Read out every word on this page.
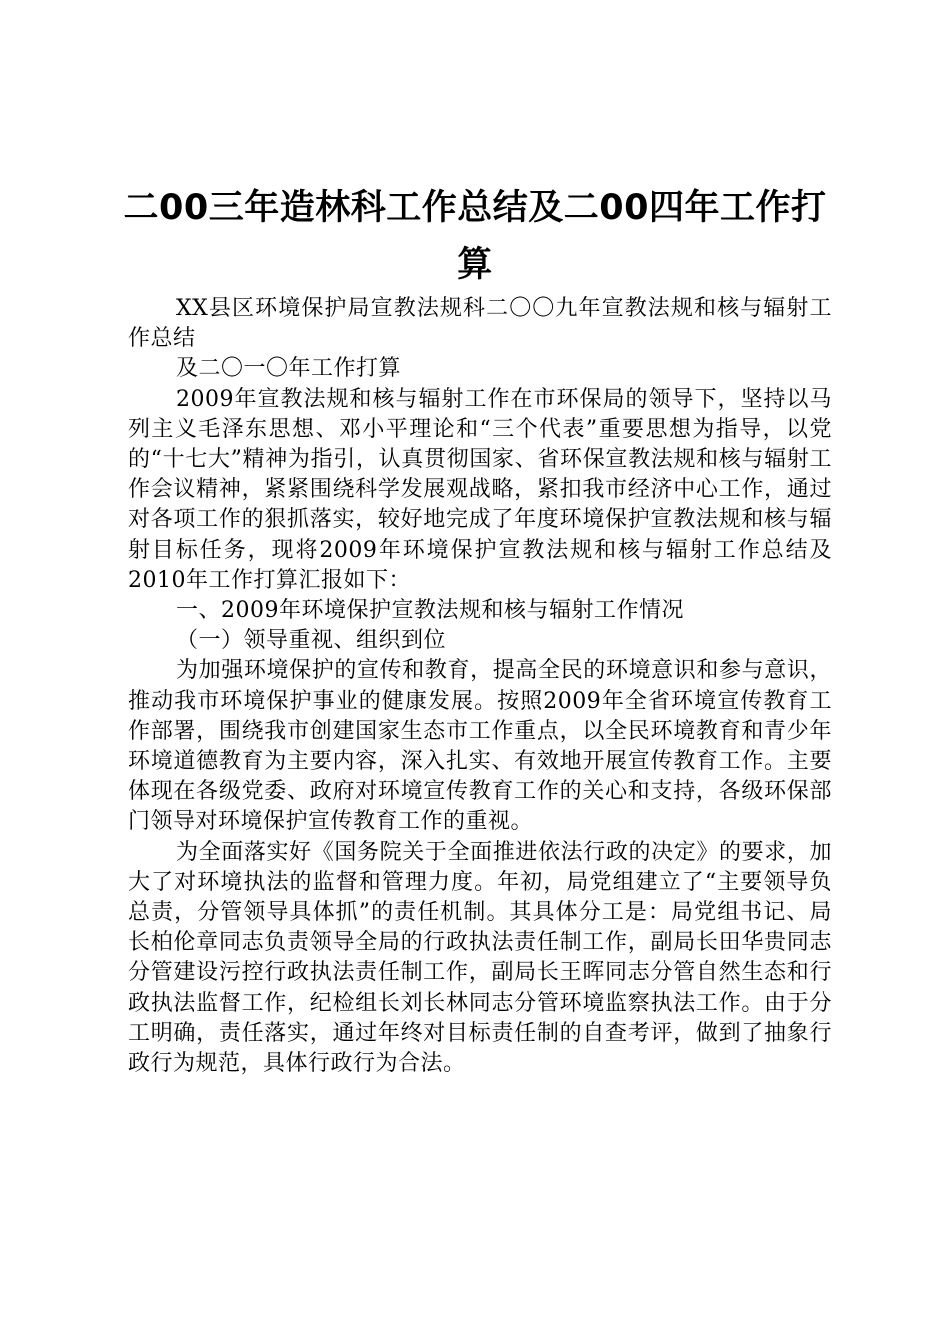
二00三年造林科工作总结及二00四年工作打算

XX县区环境保护局宣教法规科二〇〇九年宣教法规和核与辐射工作总结

及二〇一〇年工作打算

2009年宣教法规和核与辐射工作在市环保局的领导下，坚持以马列主义毛泽东思想、邓小平理论和“三个代表”重要思想为指导，以党的“十七大”精神为指引，认真贯彻国家、省环保宣教法规和核与辐射工作会议精神，紧紧围绕科学发展观战略，紧扣我市经济中心工作，通过对各项工作的狠抓落实，较好地完成了年度环境保护宣教法规和核与辐射目标任务，现将2009年环境保护宣教法规和核与辐射工作总结及2010年工作打算汇报如下：

一、2009年环境保护宣教法规和核与辐射工作情况

（一）领导重视、组织到位

为加强环境保护的宣传和教育，提高全民的环境意识和参与意识，推动我市环境保护事业的健康发展。按照2009年全省环境宣传教育工作部署，围绕我市创建国家生态市工作重点，以全民环境教育和青少年环境道德教育为主要内容，深入扎实、有效地开展宣传教育工作。主要体现在各级党委、政府对环境宣传教育工作的关心和支持，各级环保部门领导对环境保护宣传教育工作的重视。

为全面落实好《国务院关于全面推进依法行政的决定》的要求，加大了对环境执法的监督和管理力度。年初，局党组建立了“主要领导负总责，分管领导具体抓”的责任机制。其具体分工是：局党组书记、局长柏伦章同志负责领导全局的行政执法责任制工作，副局长田华贵同志分管建设污控行政执法责任制工作，副局长王晖同志分管自然生态和行政执法监督工作，纪检组长刘长林同志分管环境监察执法工作。由于分工明确，责任落实，通过年终对目标责任制的自查考评，做到了抽象行政行为规范，具体行政行为合法。
